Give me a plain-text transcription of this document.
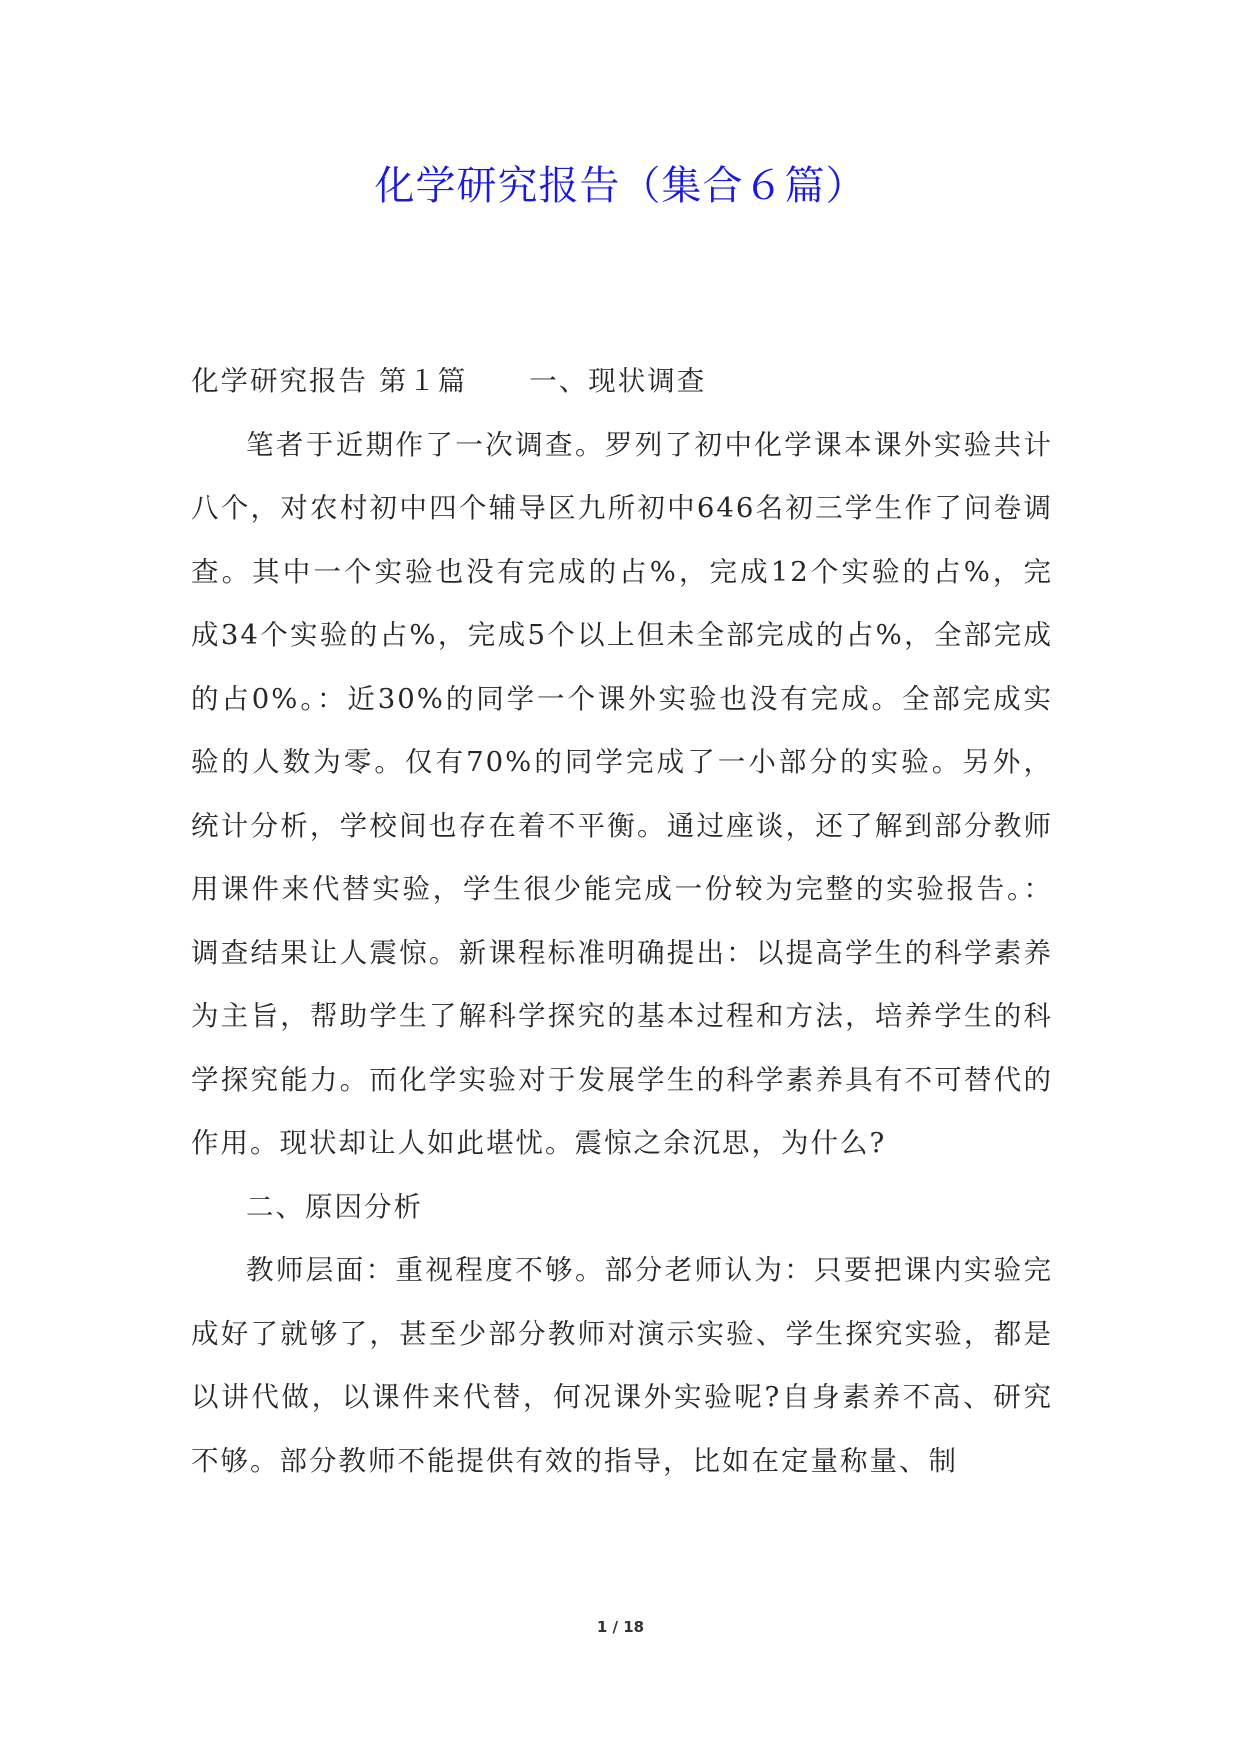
化学研究报告（集合６篇）

化学研究报告 第１篇 一、现状调查

笔者于近期作了一次调查。罗列了初中化学课本课外实验共计八个，对农村初中四个辅导区九所初中646名初三学生作了问卷调查。其中一个实验也没有完成的占%，完成12个实验的占%，完成34个实验的占%，完成5个以上但未全部完成的占%，全部完成的占0%。：近30%的同学一个课外实验也没有完成。全部完成实验的人数为零。仅有70%的同学完成了一小部分的实验。另外，统计分析，学校间也存在着不平衡。通过座谈，还了解到部分教师用课件来代替实验，学生很少能完成一份较为完整的实验报告。：调查结果让人震惊。新课程标准明确提出：以提高学生的科学素养为主旨，帮助学生了解科学探究的基本过程和方法，培养学生的科学探究能力。而化学实验对于发展学生的科学素养具有不可替代的作用。现状却让人如此堪忧。震惊之余沉思，为什么?

二、原因分析

教师层面：重视程度不够。部分老师认为：只要把课内实验完成好了就够了，甚至少部分教师对演示实验、学生探究实验，都是以讲代做，以课件来代替，何况课外实验呢?自身素养不高、研究不够。部分教师不能提供有效的指导，比如在定量称量、制

1 / 18
